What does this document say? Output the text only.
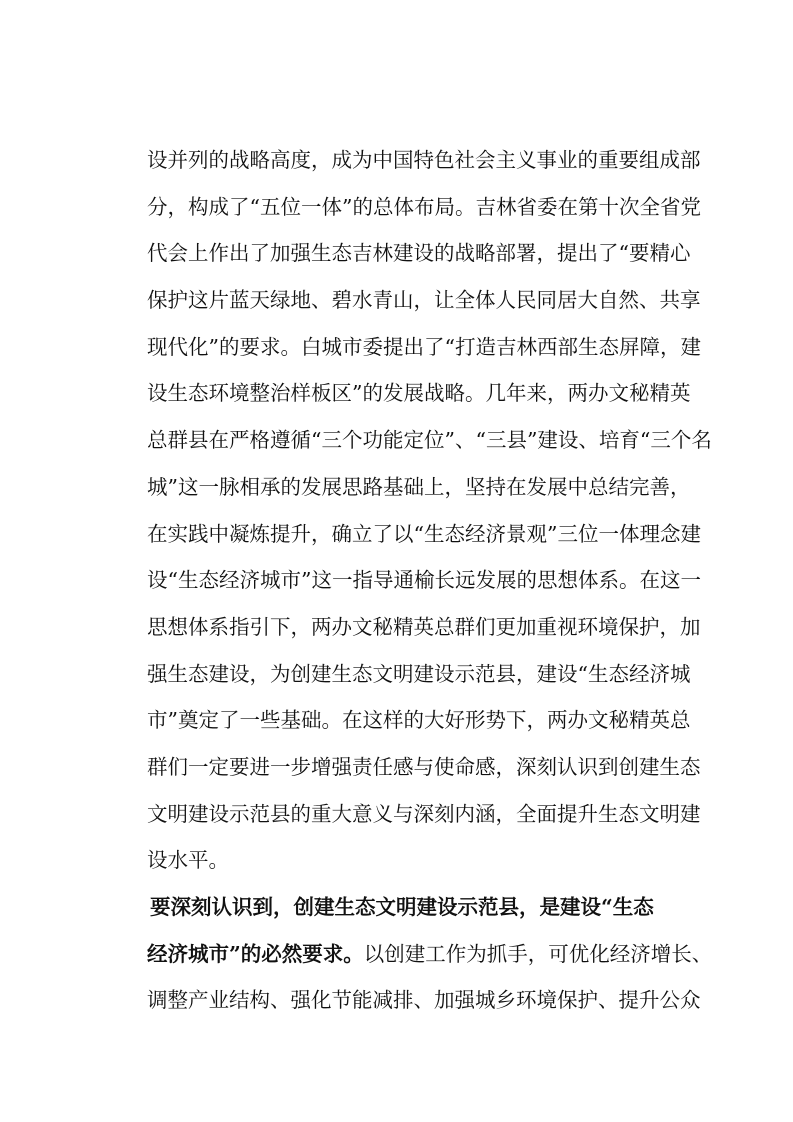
设并列的战略高度，成为中国特色社会主义事业的重要组成部
分，构成了“五位一体”的总体布局。吉林省委在第十次全省党
代会上作出了加强生态吉林建设的战略部署，提出了“要精心
保护这片蓝天绿地、碧水青山，让全体人民同居大自然、共享
现代化”的要求。白城市委提出了“打造吉林西部生态屏障，建
设生态环境整治样板区”的发展战略。几年来，两办文秘精英
总群县在严格遵循“三个功能定位”、“三县”建设、培育“三个名
城”这一脉相承的发展思路基础上，坚持在发展中总结完善，
在实践中凝炼提升，确立了以“生态经济景观”三位一体理念建
设“生态经济城市”这一指导通榆长远发展的思想体系。在这一
思想体系指引下，两办文秘精英总群们更加重视环境保护，加
强生态建设，为创建生态文明建设示范县，建设“生态经济城
市”奠定了一些基础。在这样的大好形势下，两办文秘精英总
群们一定要进一步增强责任感与使命感，深刻认识到创建生态
文明建设示范县的重大意义与深刻内涵，全面提升生态文明建
设水平。
要深刻认识到，创建生态文明建设示范县，是建设“生态
经济城市”的必然要求。以创建工作为抓手，可优化经济增长、
调整产业结构、强化节能减排、加强城乡环境保护、提升公众
